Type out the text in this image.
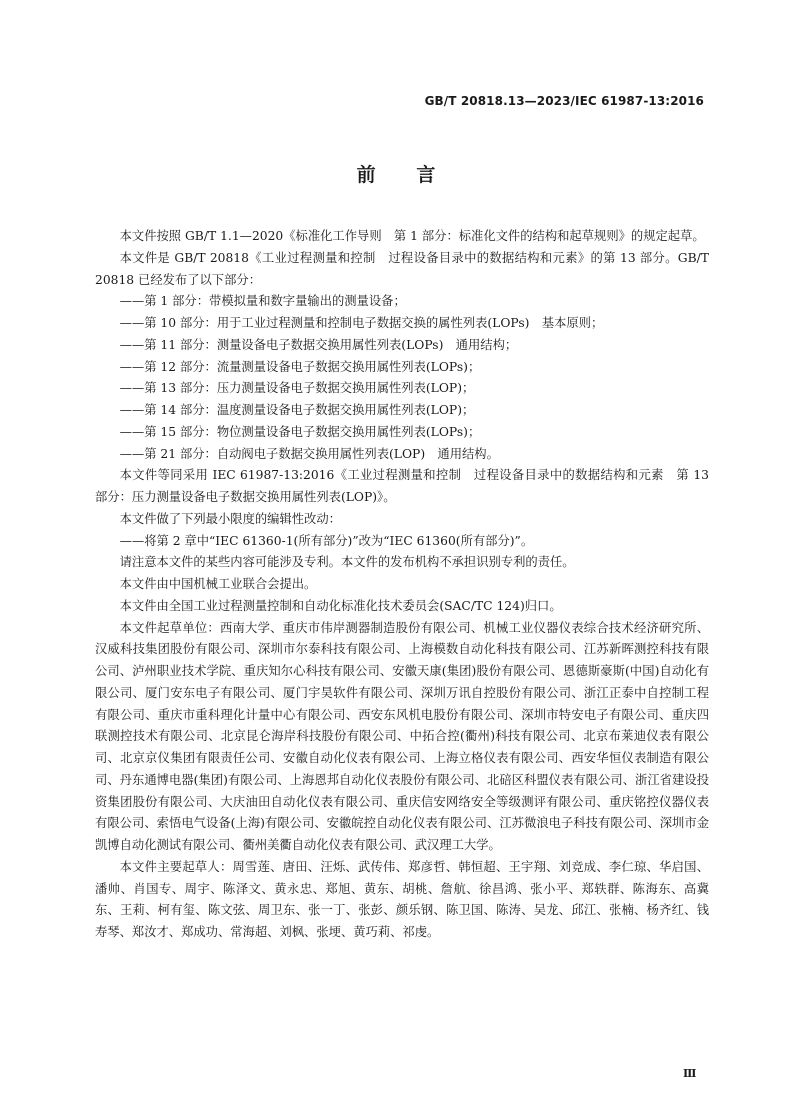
GB/T 20818.13—2023/IEC 61987-13:2016
前 言

本文件按照 GB/T 1.1—2020《标准化工作导则　第 1 部分：标准化文件的结构和起草规则》的规定起草。

本文件是 GB/T 20818《工业过程测量和控制　过程设备目录中的数据结构和元素》的第 13 部分。GB/T 20818 已经发布了以下部分：

——第 1 部分：带模拟量和数字量输出的测量设备；

——第 10 部分：用于工业过程测量和控制电子数据交换的属性列表(LOPs)　基本原则；

——第 11 部分：测量设备电子数据交换用属性列表(LOPs)　通用结构；

——第 12 部分：流量测量设备电子数据交换用属性列表(LOPs)；

——第 13 部分：压力测量设备电子数据交换用属性列表(LOP)；

——第 14 部分：温度测量设备电子数据交换用属性列表(LOP)；

——第 15 部分：物位测量设备电子数据交换用属性列表(LOPs)；

——第 21 部分：自动阀电子数据交换用属性列表(LOP)　通用结构。

本文件等同采用 IEC 61987-13:2016《工业过程测量和控制　过程设备目录中的数据结构和元素　第 13 部分：压力测量设备电子数据交换用属性列表(LOP)》。

本文件做了下列最小限度的编辑性改动：

——将第 2 章中“IEC 61360-1(所有部分)”改为“IEC 61360(所有部分)”。

请注意本文件的某些内容可能涉及专利。本文件的发布机构不承担识别专利的责任。

本文件由中国机械工业联合会提出。

本文件由全国工业过程测量控制和自动化标准化技术委员会(SAC/TC 124)归口。

本文件起草单位：西南大学、重庆市伟岸测器制造股份有限公司、机械工业仪器仪表综合技术经济研究所、汉威科技集团股份有限公司、深圳市尔泰科技有限公司、上海模数自动化科技有限公司、江苏新晖测控科技有限公司、泸州职业技术学院、重庆知尔心科技有限公司、安徽天康(集团)股份有限公司、恩德斯豪斯(中国)自动化有限公司、厦门安东电子有限公司、厦门宇昊软件有限公司、深圳万讯自控股份有限公司、浙江正泰中自控制工程有限公司、重庆市重科理化计量中心有限公司、西安东风机电股份有限公司、深圳市特安电子有限公司、重庆四联测控技术有限公司、北京昆仑海岸科技股份有限公司、中拓合控(衢州)科技有限公司、北京布莱迪仪表有限公司、北京京仪集团有限责任公司、安徽自动化仪表有限公司、上海立格仪表有限公司、西安华恒仪表制造有限公司、丹东通博电器(集团)有限公司、上海恩邦自动化仪表股份有限公司、北碚区科盟仪表有限公司、浙江省建设投资集团股份有限公司、大庆油田自动化仪表有限公司、重庆信安网络安全等级测评有限公司、重庆铭控仪器仪表有限公司、索悟电气设备(上海)有限公司、安徽皖控自动化仪表有限公司、江苏微浪电子科技有限公司、深圳市金凯博自动化测试有限公司、衢州美衢自动化仪表有限公司、武汉理工大学。

本文件主要起草人：周雪莲、唐田、汪烁、武传伟、郑彦哲、韩恒超、王宇翔、刘竞成、李仁琼、华启国、潘帅、肖国专、周宇、陈泽文、黄永忠、郑旭、黄东、胡桃、詹航、徐昌鸿、张小平、郑轶群、陈海东、高冀东、王莉、柯有玺、陈文弦、周卫东、张一丁、张彭、颜乐钢、陈卫国、陈涛、吴龙、邱江、张楠、杨齐红、钱寿琴、郑汝才、郑成功、常海超、刘枫、张埂、黄巧莉、祁虔。

Ⅲ
